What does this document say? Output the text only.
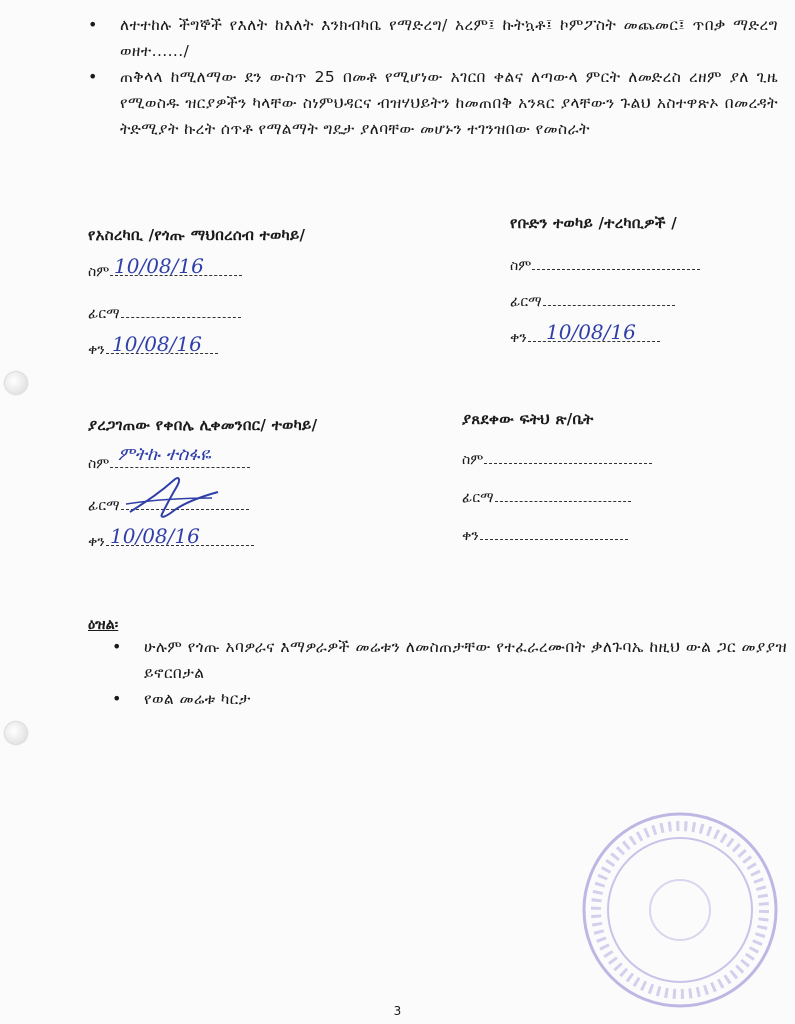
• ለተተከሉ ችግኞች የእለት ከእለት እንክብካቤ የማድረግ/ አረም፤ ኩትኳቶ፤ ኮምፖስት መጨመር፤ ጥበቃ ማድረግ ወዘተ....../
• ጠቅላላ ከሚለማው ደን ውስጥ 25 በመቶ የሚሆነው አገርበ ቀልና ለጣውላ ምርት ለመድረስ ረዘም ያለ ጊዜ የሚወስዱ ዝርያዎችን ካላቸው ስነምህዳርና ብዝሃህይትን ከመጠበቅ አንጻር ያላቸውን ጉልህ አስተዋጽኦ በመረዳት ትድሚያት ኩረት ሰጥቶ የማልማት ግዴታ ያለባቸው መሆኑን ተገንዝበው የመስራት
የአስረካቢ /የጎጡ ማህበረሰብ ተወካይ/
ስም 10/08/16
ፊርማ
ቀን 10/08/16
የቡድን ተወካይ /ተረካቢዎች /
ስም
ፊርማ
ቀን 10/08/16
ያረጋገጠው የቀበሌ ሊቀመንበር/ ተወካይ/
ስም ምትኩ ተስፋዬ
ፊርማ
ቀን 10/08/16
ያጸደቀው ፍትህ ጽ/ቤት
ስም
ፊርማ
ቀን
ዕዝል፡
• ሁሉም የጎጡ አባዎራና እማዎራዎች መሬቱን ለመስጠታቸው የተፈራረሙበት ቃለጉባኤ ከዚህ ውል ጋር መያያዝ ይኖርበታል
• የወል መሬቱ ካርታ
3
